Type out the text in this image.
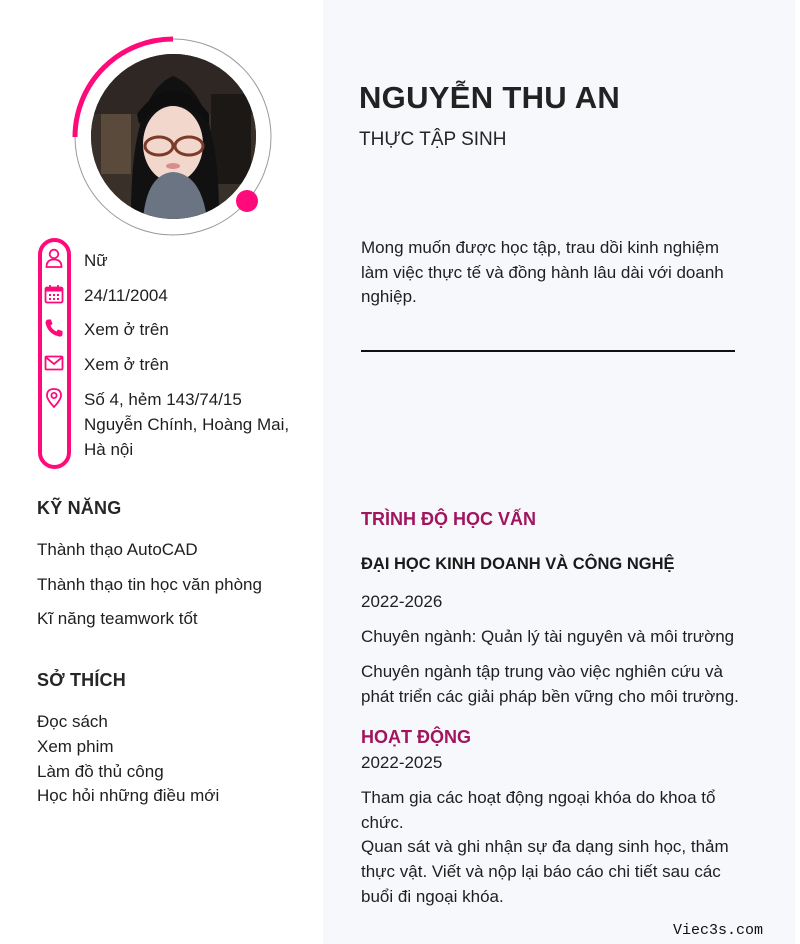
Nữ
24/11/2004
Xem ở trên
Xem ở trên
Số 4, hẻm 143/74/15
Nguyễn Chính, Hoàng Mai,
Hà nội
KỸ NĂNG
Thành thạo AutoCAD
Thành thạo tin học văn phòng
Kĩ năng teamwork tốt
SỞ THÍCH
Đọc sách
Xem phim
Làm đồ thủ công
Học hỏi những điều mới
NGUYỄN THU AN
THỰC TẬP SINH
Mong muốn được học tập, trau dồi kinh nghiệm
làm việc thực tế và đồng hành lâu dài với doanh
nghiệp.
TRÌNH ĐỘ HỌC VẤN
ĐẠI HỌC KINH DOANH VÀ CÔNG NGHỆ
2022-2026
Chuyên ngành: Quản lý tài nguyên và môi trường
Chuyên ngành tập trung vào việc nghiên cứu và
phát triển các giải pháp bền vững cho môi trường.
HOẠT ĐỘNG
2022-2025
Tham gia các hoạt động ngoại khóa do khoa tổ
chức.
Quan sát và ghi nhận sự đa dạng sinh học, thảm
thực vật. Viết và nộp lại báo cáo chi tiết sau các
buổi đi ngoại khóa.
Viec3s.com
